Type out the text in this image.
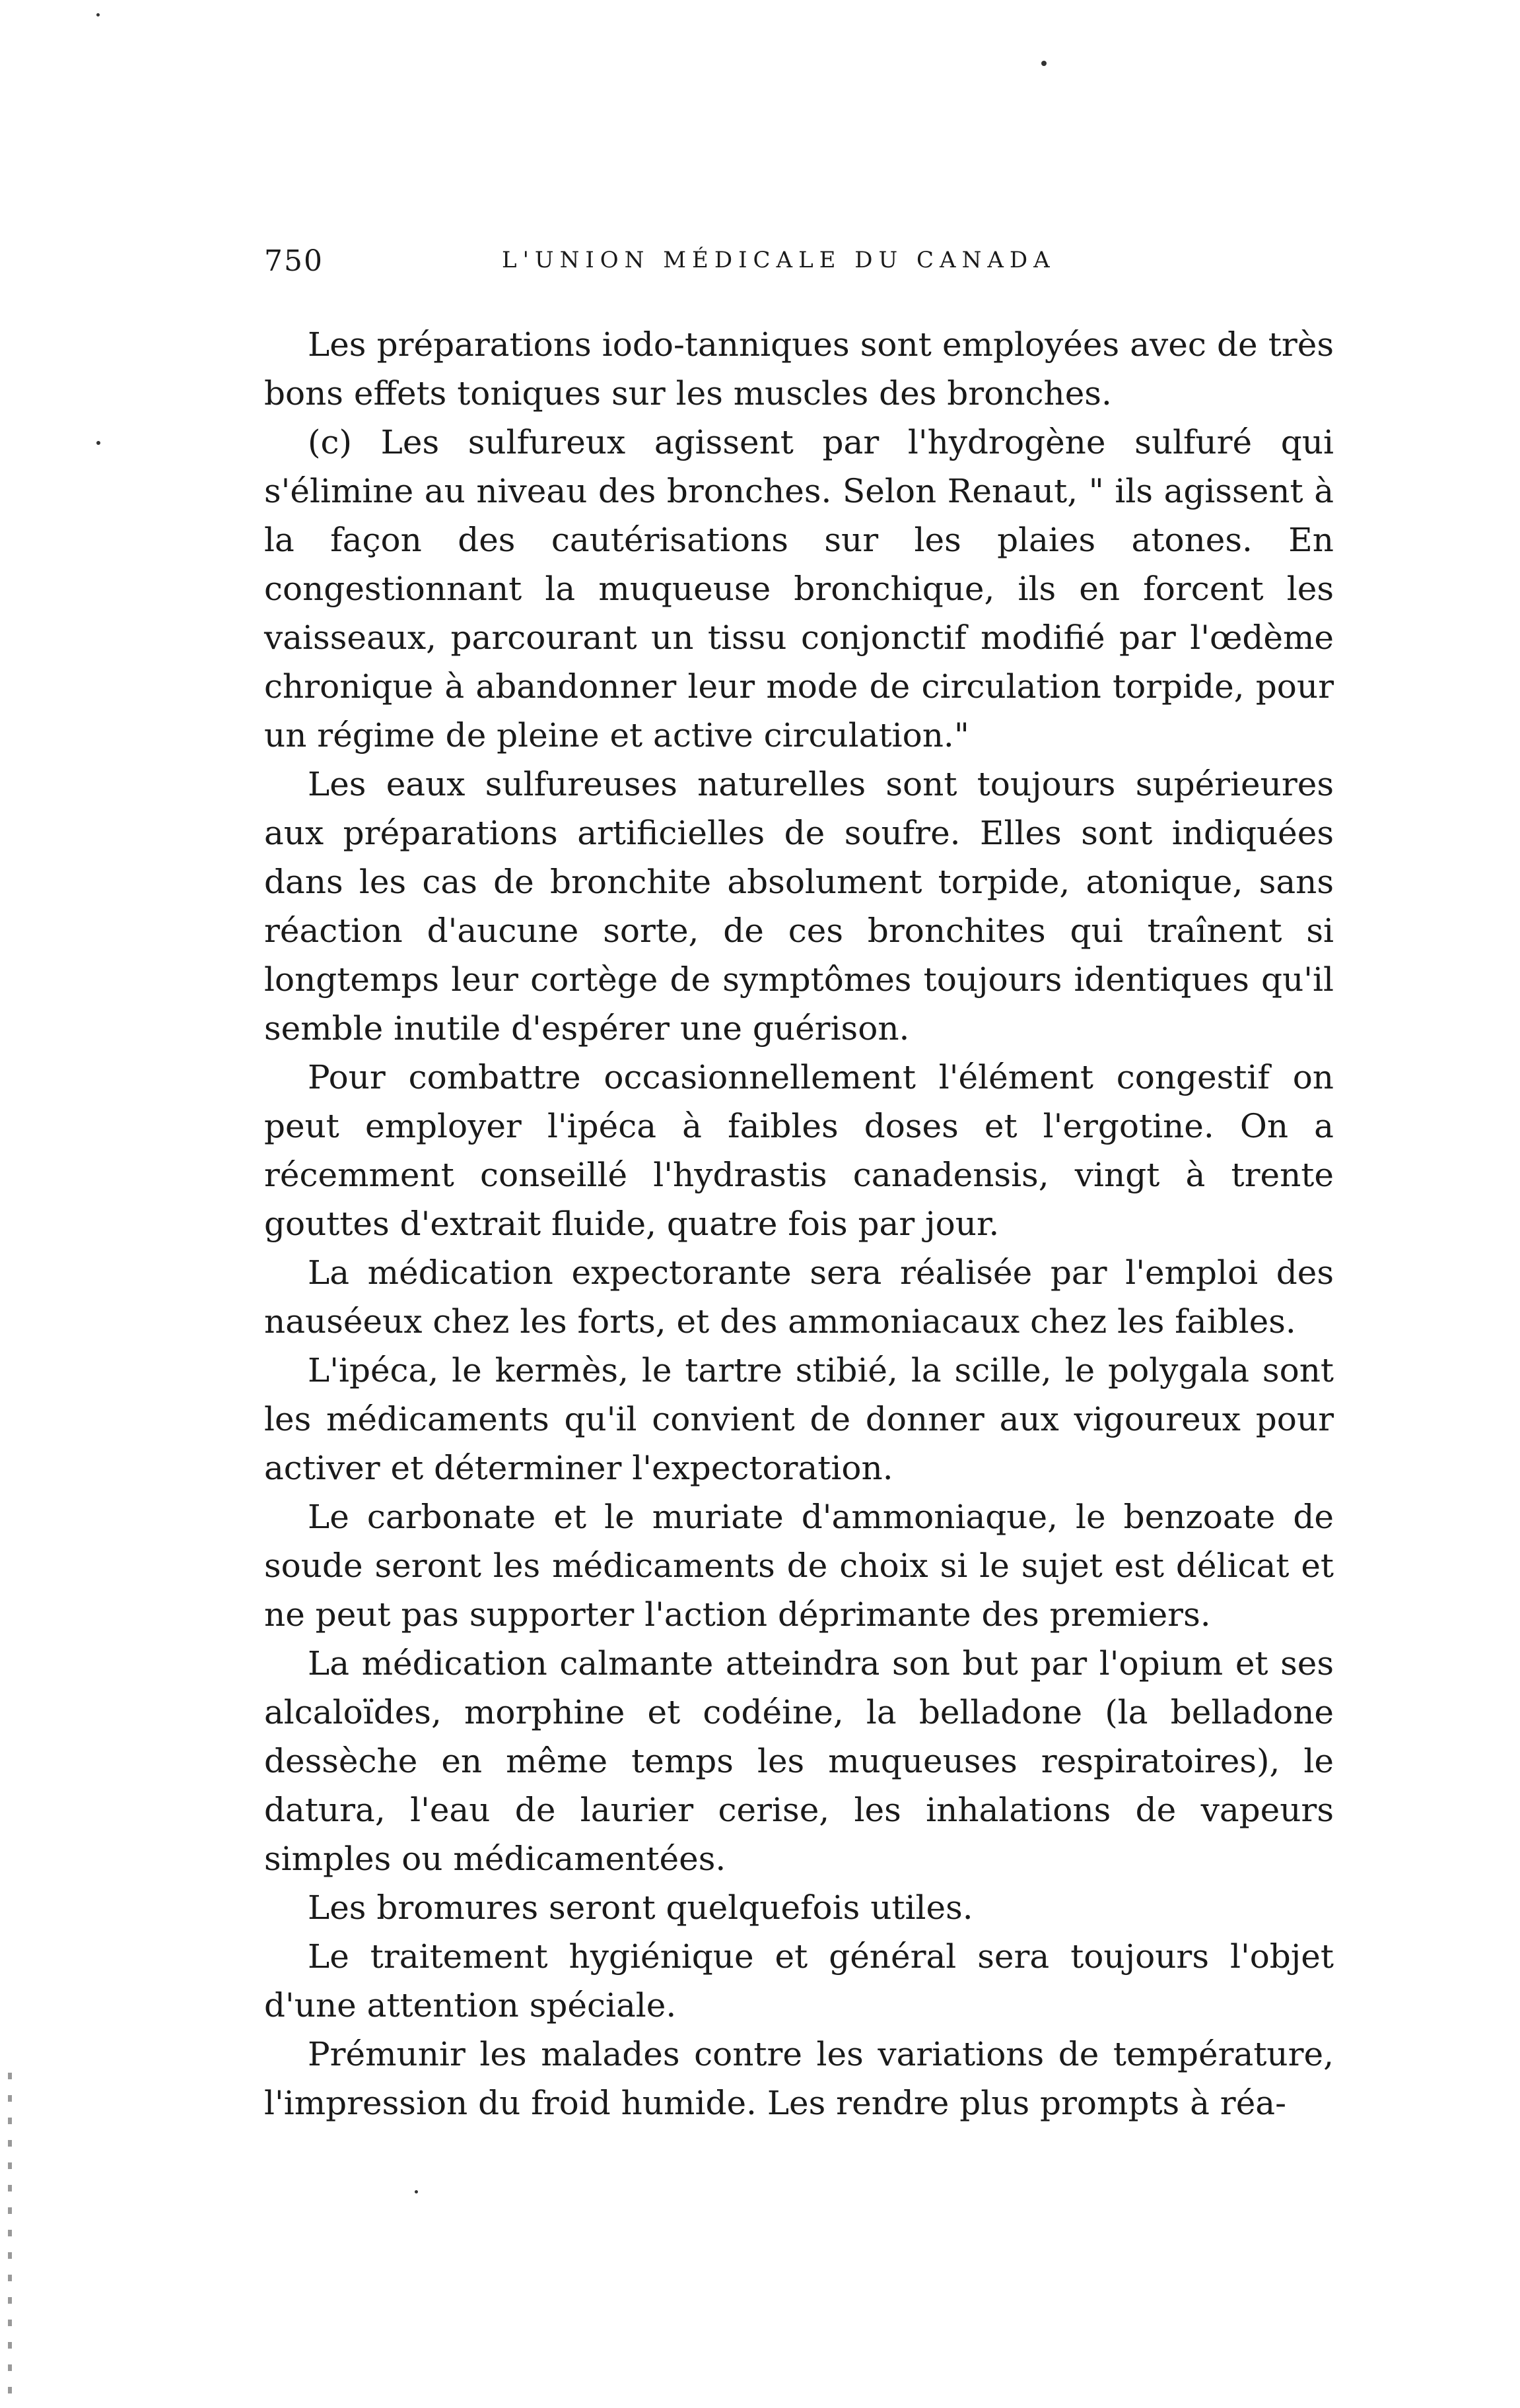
750	L'UNION MÉDICALE DU CANADA

Les préparations iodo-tanniques sont employées avec de très bons effets toniques sur les muscles des bronches.

(c) Les sulfureux agissent par l'hydrogène sulfuré qui s'élimine au niveau des bronches. Selon Renaut, " ils agissent à la façon des cautérisations sur les plaies atones. En congestionnant la muqueuse bronchique, ils en forcent les vaisseaux, parcourant un tissu conjonctif modifié par l'œdème chronique à abandonner leur mode de circulation torpide, pour un régime de pleine et active circulation."

Les eaux sulfureuses naturelles sont toujours supérieures aux préparations artificielles de soufre. Elles sont indiquées dans les cas de bronchite absolument torpide, atonique, sans réaction d'aucune sorte, de ces bronchites qui traînent si longtemps leur cortège de symptômes toujours identiques qu'il semble inutile d'espérer une guérison.

Pour combattre occasionnellement l'élément congestif on peut employer l'ipéca à faibles doses et l'ergotine. On a récemment conseillé l'hydrastis canadensis, vingt à trente gouttes d'extrait fluide, quatre fois par jour.

La médication expectorante sera réalisée par l'emploi des nauséeux chez les forts, et des ammoniacaux chez les faibles.

L'ipéca, le kermès, le tartre stibié, la scille, le polygala sont les médicaments qu'il convient de donner aux vigoureux pour activer et déterminer l'expectoration.

Le carbonate et le muriate d'ammoniaque, le benzoate de soude seront les médicaments de choix si le sujet est délicat et ne peut pas supporter l'action déprimante des premiers.

La médication calmante atteindra son but par l'opium et ses alcaloïdes, morphine et codéine, la belladone (la belladone dessèche en même temps les muqueuses respiratoires), le datura, l'eau de laurier cerise, les inhalations de vapeurs simples ou médicamentées.

Les bromures seront quelquefois utiles.

Le traitement hygiénique et général sera toujours l'objet d'une attention spéciale.

Prémunir les malades contre les variations de température, l'impression du froid humide. Les rendre plus prompts à réa-
